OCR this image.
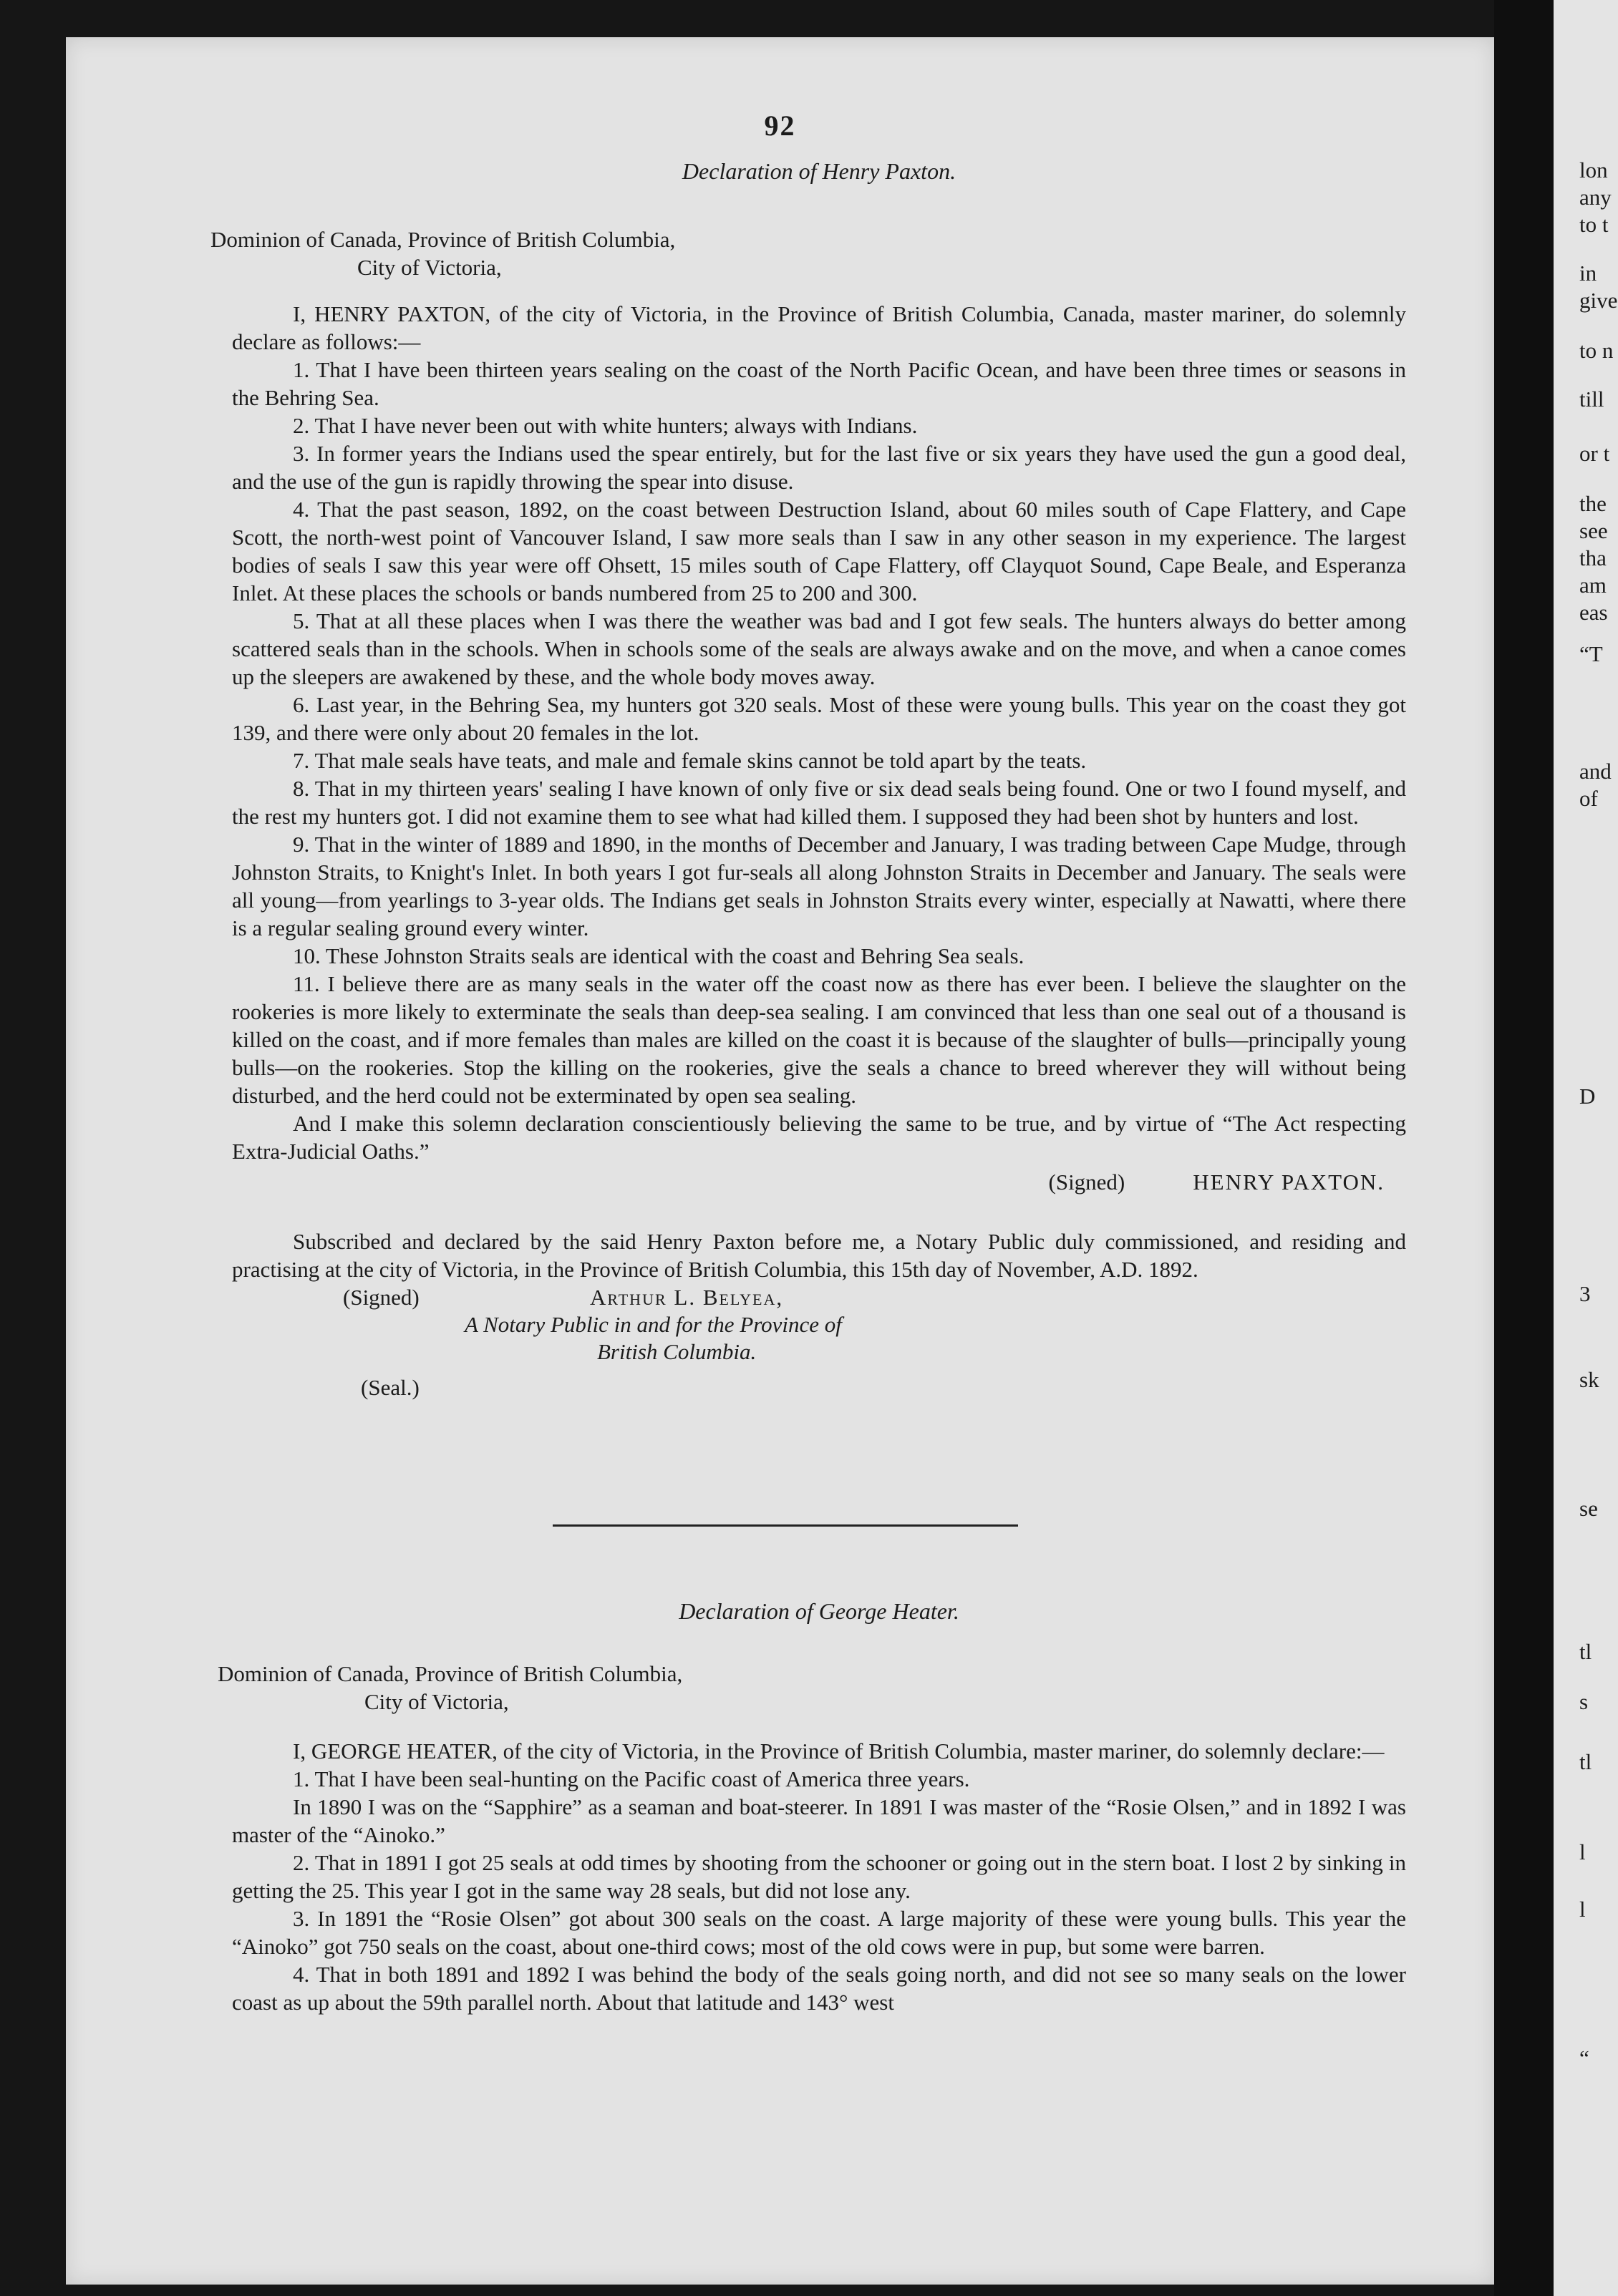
92
Declaration of Henry Paxton.
Dominion of Canada, Province of British Columbia,
City of Victoria,

I, HENRY PAXTON, of the city of Victoria, in the Province of British Columbia, Canada, master mariner, do solemnly declare as follows:—

1. That I have been thirteen years sealing on the coast of the North Pacific Ocean, and have been three times or seasons in the Behring Sea.

2. That I have never been out with white hunters; always with Indians.

3. In former years the Indians used the spear entirely, but for the last five or six years they have used the gun a good deal, and the use of the gun is rapidly throwing the spear into disuse.

4. That the past season, 1892, on the coast between Destruction Island, about 60 miles south of Cape Flattery, and Cape Scott, the north-west point of Vancouver Island, I saw more seals than I saw in any other season in my experience. The largest bodies of seals I saw this year were off Ohsett, 15 miles south of Cape Flattery, off Clayquot Sound, Cape Beale, and Esperanza Inlet. At these places the schools or bands numbered from 25 to 200 and 300.

5. That at all these places when I was there the weather was bad and I got few seals. The hunters always do better among scattered seals than in the schools. When in schools some of the seals are always awake and on the move, and when a canoe comes up the sleepers are awakened by these, and the whole body moves away.

6. Last year, in the Behring Sea, my hunters got 320 seals. Most of these were young bulls. This year on the coast they got 139, and there were only about 20 females in the lot.

7. That male seals have teats, and male and female skins cannot be told apart by the teats.

8. That in my thirteen years' sealing I have known of only five or six dead seals being found. One or two I found myself, and the rest my hunters got. I did not examine them to see what had killed them. I supposed they had been shot by hunters and lost.

9. That in the winter of 1889 and 1890, in the months of December and January, I was trading between Cape Mudge, through Johnston Straits, to Knight's Inlet. In both years I got fur-seals all along Johnston Straits in December and January. The seals were all young—from yearlings to 3-year olds. The Indians get seals in Johnston Straits every winter, especially at Nawatti, where there is a regular sealing ground every winter.

10. These Johnston Straits seals are identical with the coast and Behring Sea seals.

11. I believe there are as many seals in the water off the coast now as there has ever been. I believe the slaughter on the rookeries is more likely to exterminate the seals than deep-sea sealing. I am convinced that less than one seal out of a thousand is killed on the coast, and if more females than males are killed on the coast it is because of the slaughter of bulls—principally young bulls—on the rookeries. Stop the killing on the rookeries, give the seals a chance to breed wherever they will without being disturbed, and the herd could not be exterminated by open sea sealing.

And I make this solemn declaration conscientiously believing the same to be true, and by virtue of “The Act respecting Extra-Judicial Oaths.”

(Signed)	HENRY PAXTON.

Subscribed and declared by the said Henry Paxton before me, a Notary Public duly commissioned, and residing and practising at the city of Victoria, in the Province of British Columbia, this 15th day of November, A.D. 1892.

(Signed)	Arthur L. Belyea,
A Notary Public in and for the Province of
British Columbia.
(Seal.)
Declaration of George Heater.
Dominion of Canada, Province of British Columbia,
City of Victoria,

I, GEORGE HEATER, of the city of Victoria, in the Province of British Columbia, master mariner, do solemnly declare:—

1. That I have been seal-hunting on the Pacific coast of America three years.

In 1890 I was on the “Sapphire” as a seaman and boat-steerer. In 1891 I was master of the “Rosie Olsen,” and in 1892 I was master of the “Ainoko.”

2. That in 1891 I got 25 seals at odd times by shooting from the schooner or going out in the stern boat. I lost 2 by sinking in getting the 25. This year I got in the same way 28 seals, but did not lose any.

3. In 1891 the “Rosie Olsen” got about 300 seals on the coast. A large majority of these were young bulls. This year the “Ainoko” got 750 seals on the coast, about one-third cows; most of the old cows were in pup, but some were barren.

4. That in both 1891 and 1892 I was behind the body of the seals going north, and did not see so many seals on the lower coast as up about the 59th parallel north. About that latitude and 143° west

lon
any
to t
in
give
to n
till
or t
the
see
tha
am
eas
“T
and
of
D
3
sk
se
tl
s
tl
l
l
“
